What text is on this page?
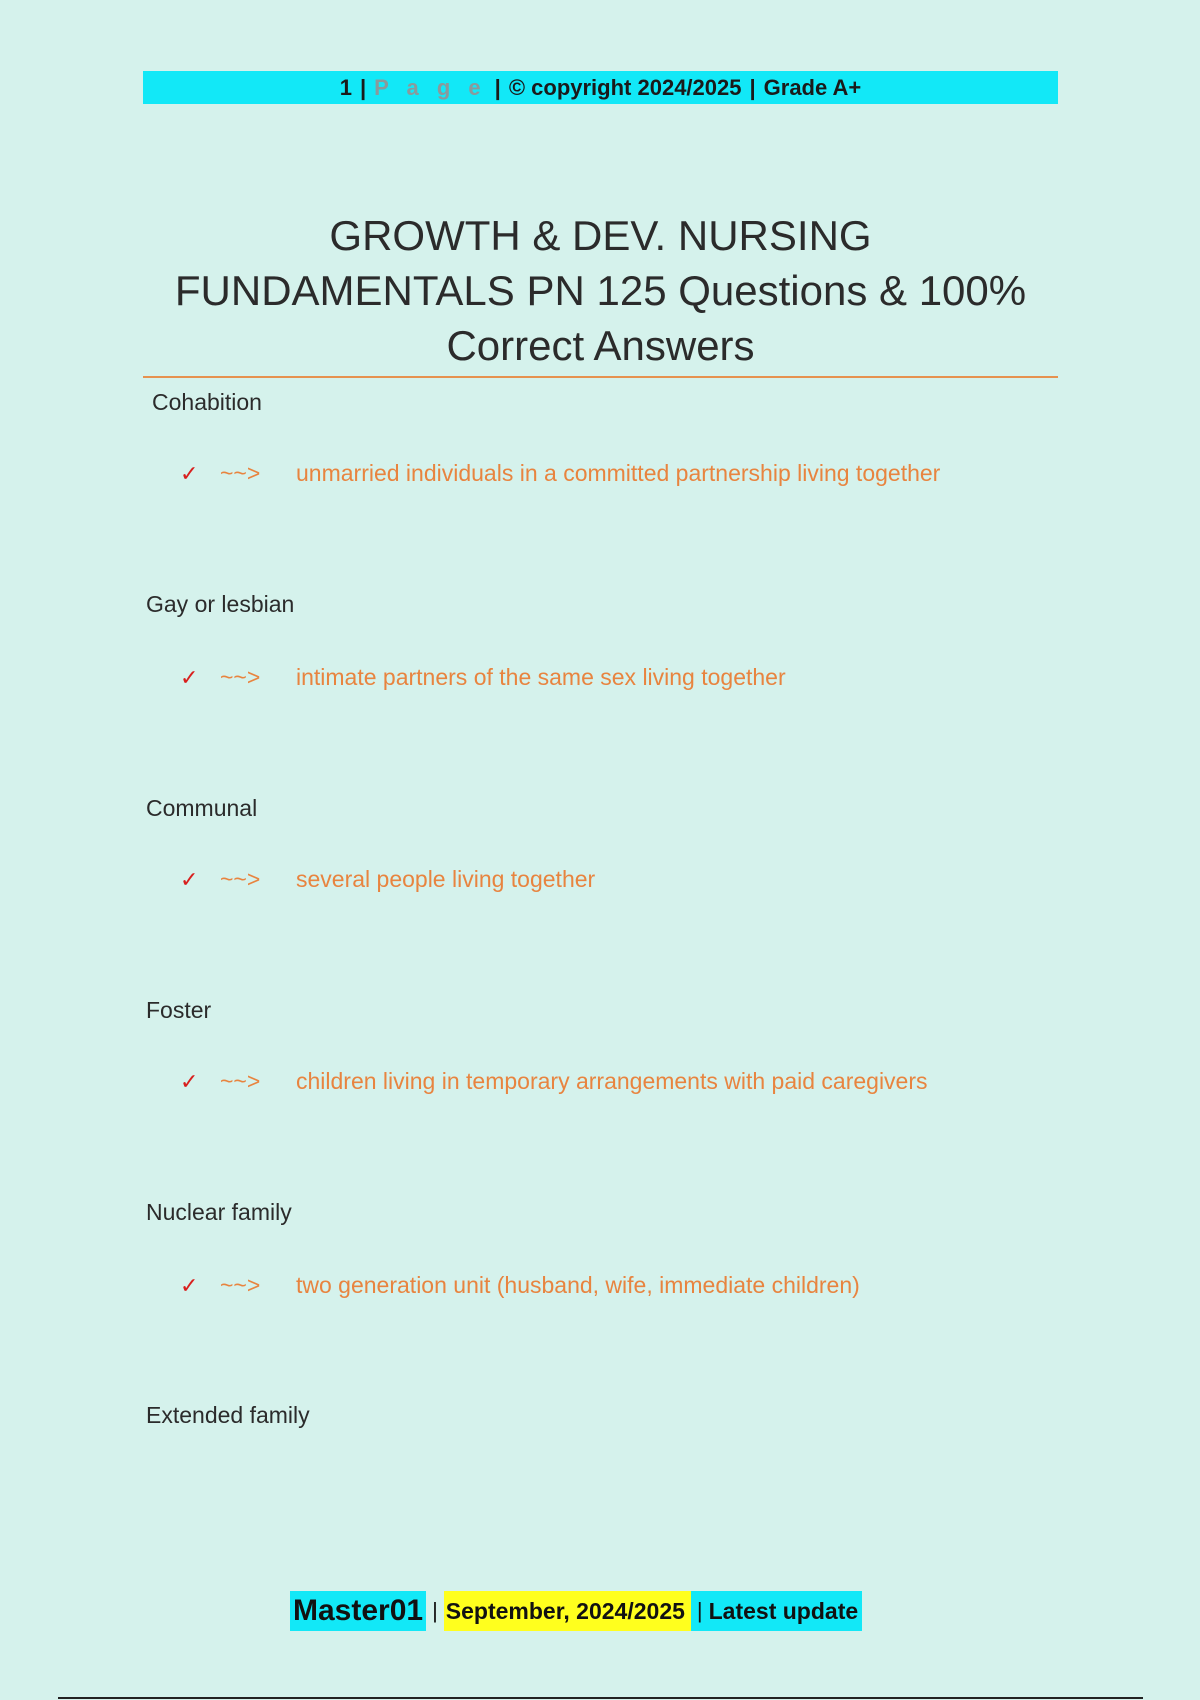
1 | P a g e | © copyright 2024/2025 | Grade A+
GROWTH & DEV. NURSING
FUNDAMENTALS PN 125 Questions & 100%
Correct Answers
Cohabition
✓ ~~>	unmarried individuals in a committed partnership living together
Gay or lesbian
✓ ~~>	intimate partners of the same sex living together
Communal
✓ ~~>	several people living together
Foster
✓ ~~>	children living in temporary arrangements with paid caregivers
Nuclear family
✓ ~~>	two generation unit (husband, wife, immediate children)
Extended family
Master01 | September, 2024/2025 | Latest update
